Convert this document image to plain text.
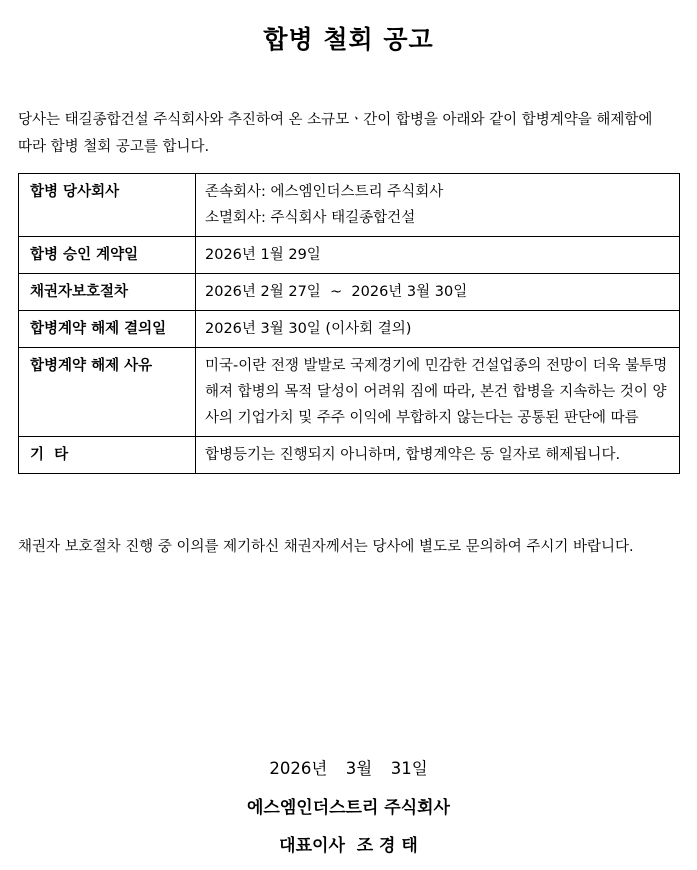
합병 철회 공고
당사는 태길종합건설 주식회사와 추진하여 온 소규모ㆍ간이 합병을 아래와 같이 합병계약을 해제함에 따라 합병 철회 공고를 합니다.
합병 당사회사	존속회사: 에스엠인더스트리 주식회사
소멸회사: 주식회사 태길종합건설

합병 승인 계약일	2026년 1월 29일
채권자보호절차	2026년 2월 27일  ~  2026년 3월 30일
합병계약 해제 결의일	2026년 3월 30일 (이사회 결의)
합병계약 해제 사유	미국-이란 전쟁 발발로 국제경기에 민감한 건설업종의 전망이 더욱 불투명해져 합병의 목적 달성이 어려워 짐에 따라, 본건 합병을 지속하는 것이 양사의 기업가치 및 주주 이익에 부합하지 않는다는 공통된 판단에 따름
기  타	합병등기는 진행되지 아니하며, 합병계약은 동 일자로 해제됩니다.
채권자 보호절차 진행 중 이의를 제기하신 채권자께서는 당사에 별도로 문의하여 주시기 바랍니다.
2026년  3월  31일
에스엠인더스트리 주식회사
대표이사  조 경 태
